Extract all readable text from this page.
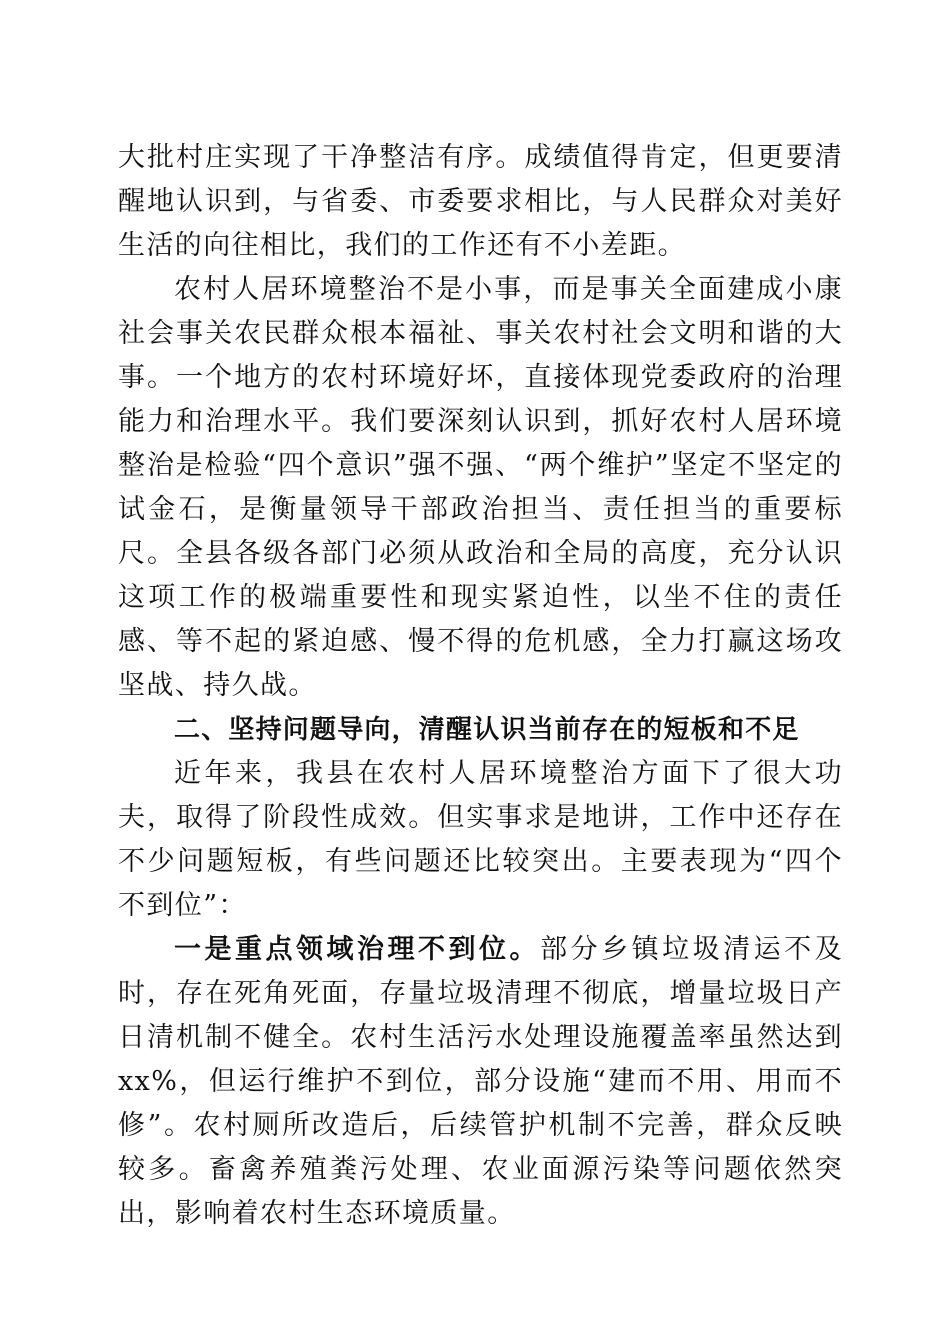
大批村庄实现了干净整洁有序。成绩值得肯定，但更要清醒地认识到，与省委、市委要求相比，与人民群众对美好生活的向往相比，我们的工作还有不小差距。

农村人居环境整治不是小事，而是事关全面建成小康社会事关农民群众根本福祉、事关农村社会文明和谐的大事。一个地方的农村环境好坏，直接体现党委政府的治理能力和治理水平。我们要深刻认识到，抓好农村人居环境整治是检验“四个意识”强不强、“两个维护”坚定不坚定的试金石，是衡量领导干部政治担当、责任担当的重要标尺。全县各级各部门必须从政治和全局的高度，充分认识这项工作的极端重要性和现实紧迫性，以坐不住的责任感、等不起的紧迫感、慢不得的危机感，全力打赢这场攻坚战、持久战。

二、坚持问题导向，清醒认识当前存在的短板和不足

近年来，我县在农村人居环境整治方面下了很大功夫，取得了阶段性成效。但实事求是地讲，工作中还存在不少问题短板，有些问题还比较突出。主要表现为“四个不到位”：

一是重点领域治理不到位。部分乡镇垃圾清运不及时，存在死角死面，存量垃圾清理不彻底，增量垃圾日产日清机制不健全。农村生活污水处理设施覆盖率虽然达到xx%，但运行维护不到位，部分设施“建而不用、用而不修”。农村厕所改造后，后续管护机制不完善，群众反映较多。畜禽养殖粪污处理、农业面源污染等问题依然突出，影响着农村生态环境质量。
